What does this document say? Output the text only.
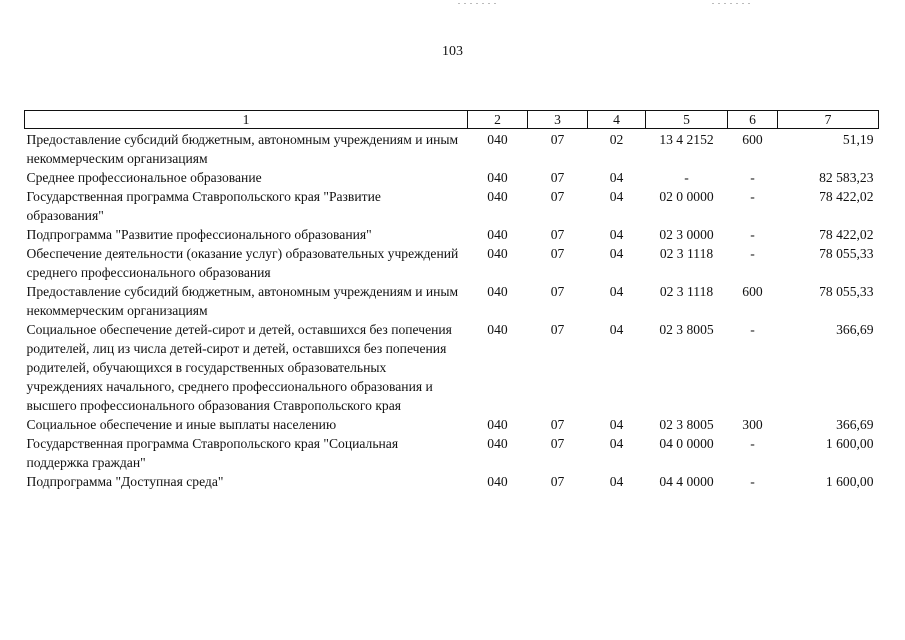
103
1	2	3	4	5	6	7
Предоставление субсидий бюджетным, автономным учреждениям и иным некоммерческим организациям	040	07	02	13 4 2152	600	51,19
Среднее профессиональное образование	040	07	04	-	-	82 583,23
Государственная программа Ставропольского края "Развитие образования"	040	07	04	02 0 0000	-	78 422,02
Подпрограмма "Развитие профессионального образования"	040	07	04	02 3 0000	-	78 422,02
Обеспечение деятельности (оказание услуг) образовательных учреждений среднего профессионального образования	040	07	04	02 3 1118	-	78 055,33
Предоставление субсидий бюджетным, автономным учреждениям и иным некоммерческим организациям	040	07	04	02 3 1118	600	78 055,33
Социальное обеспечение детей-сирот и детей, оставшихся без попечения родителей, лиц из числа детей-сирот и детей, оставшихся без попечения родителей, обучающихся в государственных образовательных учреждениях начального, среднего профессионального образования и высшего профессионального образования Ставропольского края	040	07	04	02 3 8005	-	366,69
Социальное обеспечение и иные выплаты населению	040	07	04	02 3 8005	300	366,69
Государственная программа Ставропольского края "Социальная поддержка граждан"	040	07	04	04 0 0000	-	1 600,00
Подпрограмма "Доступная среда"	040	07	04	04 4 0000	-	1 600,00
